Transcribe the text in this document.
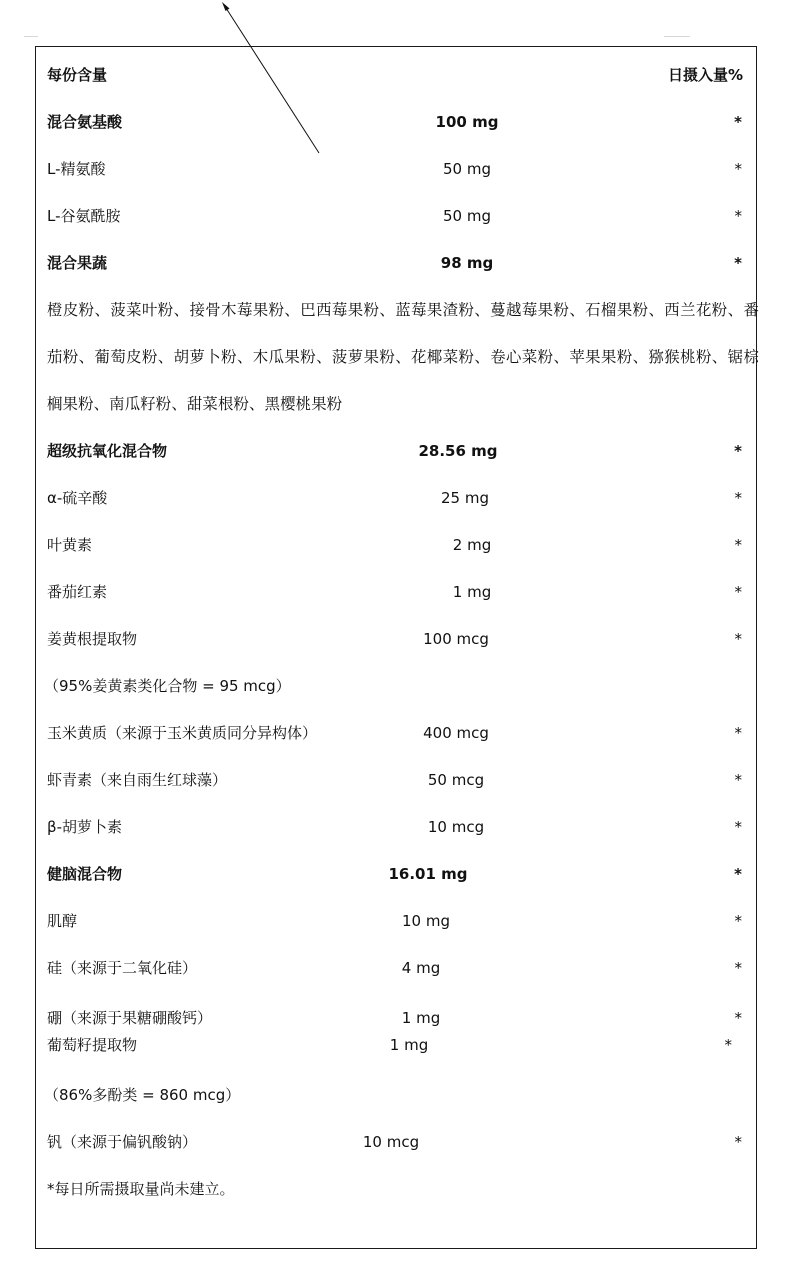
每份含量	日摄入量%
混合氨基酸	100 mg	*
L-精氨酸	50 mg	*
L-谷氨酰胺	50 mg	*
混合果蔬	98 mg	*
橙皮粉、菠菜叶粉、接骨木莓果粉、巴西莓果粉、蓝莓果渣粉、蔓越莓果粉、石榴果粉、西兰花粉、番茄粉、葡萄皮粉、胡萝卜粉、木瓜果粉、菠萝果粉、花椰菜粉、卷心菜粉、苹果果粉、猕猴桃粉、锯棕榈果粉、南瓜籽粉、甜菜根粉、黑樱桃果粉
超级抗氧化混合物	28.56 mg	*
α-硫辛酸	25 mg	*
叶黄素	2 mg	*
番茄红素	1 mg	*
姜黄根提取物	100 mcg	*
（95%姜黄素类化合物 = 95 mcg）
玉米黄质（来源于玉米黄质同分异构体）	400 mcg	*
虾青素（来自雨生红球藻）	50 mcg	*
β-胡萝卜素	10 mcg	*
健脑混合物	16.01 mg	*
肌醇	10 mg	*
硅（来源于二氧化硅）	4 mg	*
硼（来源于果糖硼酸钙）	1 mg	*
葡萄籽提取物	1 mg	*
（86%多酚类 = 860 mcg）
钒（来源于偏钒酸钠）	10 mcg	*
*每日所需摄取量尚未建立。
